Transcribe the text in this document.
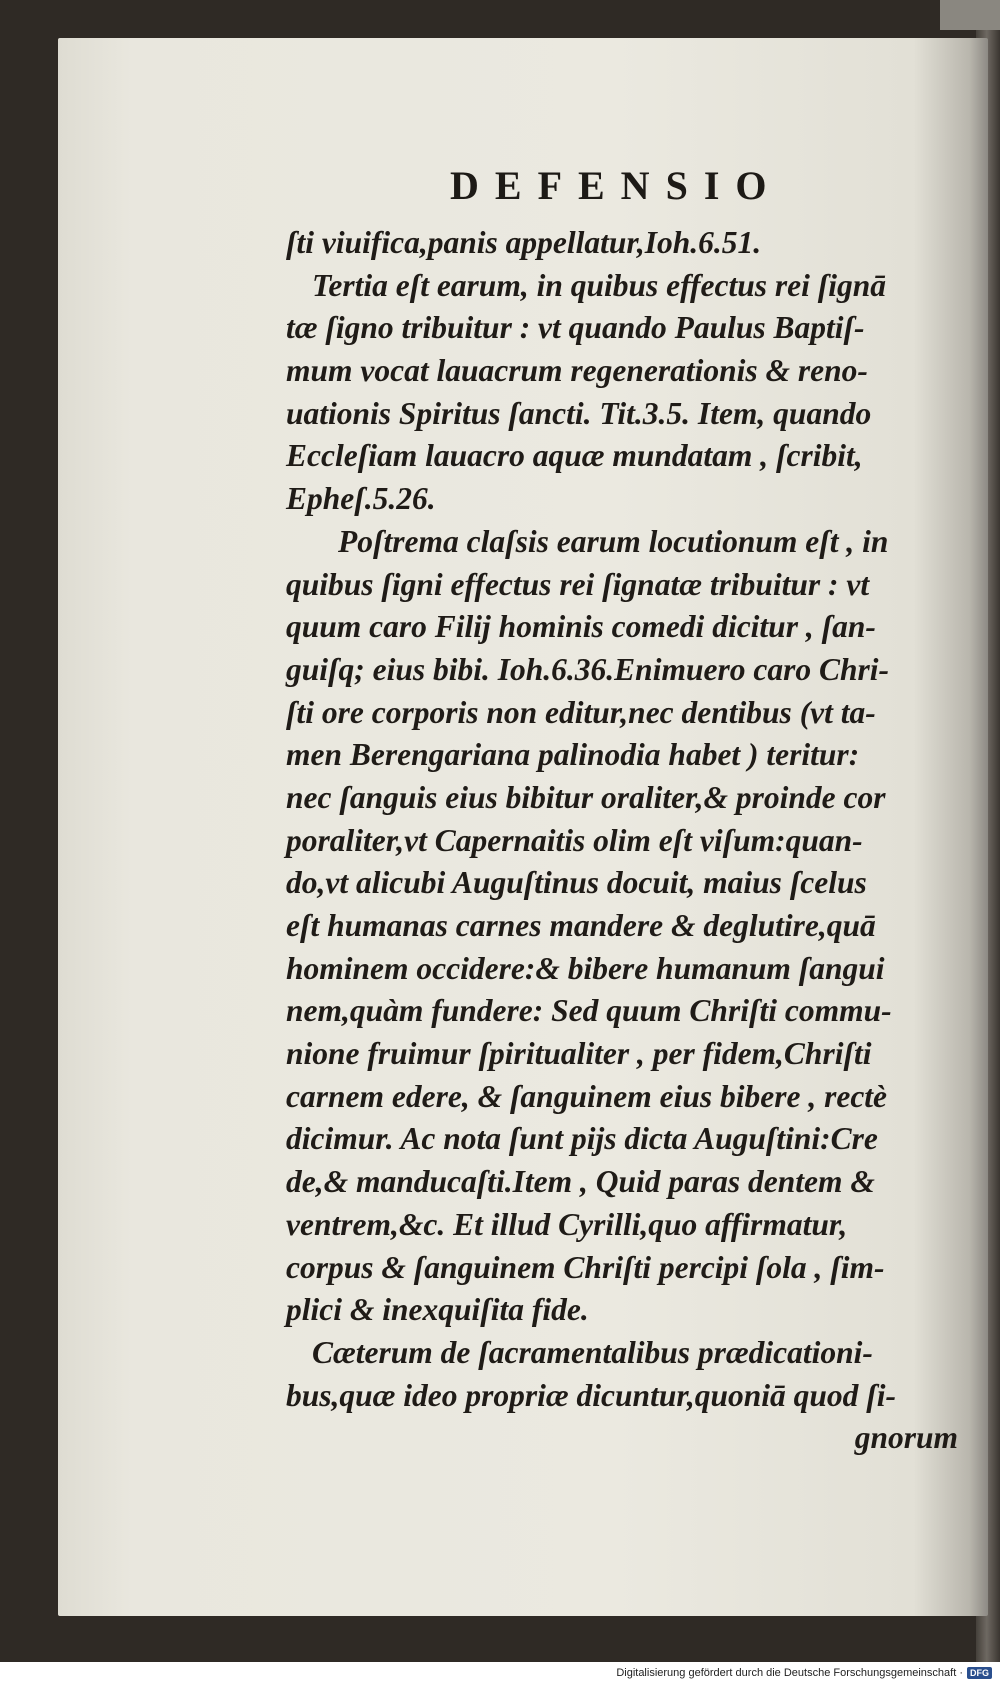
DEFENSIO
ſti viuifica,panis appellatur,Ioh.6.51.
Tertia eſt earum, in quibus effectus rei ſignā
tæ ſigno tribuitur : vt quando Paulus Baptiſ-
mum vocat lauacrum regenerationis & reno-
uationis Spiritus ſancti. Tit.3.5. Item, quando
Eccleſiam lauacro aquæ mundatam , ſcribit,
Epheſ.5.26.
Poſtrema claſsis earum locutionum eſt , in
quibus ſigni effectus rei ſignatæ tribuitur : vt
quum caro Filij hominis comedi dicitur , ſan-
guiſq; eius bibi. Ioh.6.36.Enimuero caro Chri-
ſti ore corporis non editur,nec dentibus (vt ta-
men Berengariana palinodia habet ) teritur:
nec ſanguis eius bibitur oraliter,& proinde cor
poraliter,vt Capernaitis olim eſt viſum:quan-
do,vt alicubi Auguſtinus docuit, maius ſcelus
eſt humanas carnes mandere & deglutire,quā
hominem occidere:& bibere humanum ſangui
nem,quàm fundere: Sed quum Chriſti commu-
nione fruimur ſpiritualiter , per fidem,Chriſti
carnem edere, & ſanguinem eius bibere , rectè
dicimur. Ac nota ſunt pijs dicta Auguſtini:Cre
de,& manducaſti.Item , Quid paras dentem &
ventrem,&c. Et illud Cyrilli,quo affirmatur,
corpus & ſanguinem Chriſti percipi ſola , ſim-
plici & inexquiſita fide.
Cæterum de ſacramentalibus prædicationi-
bus,quæ ideo propriæ dicuntur,quoniā quod ſi-
gnorum
Digitalisierung gefördert durch die Deutsche Forschungsgemeinschaft · DFG
